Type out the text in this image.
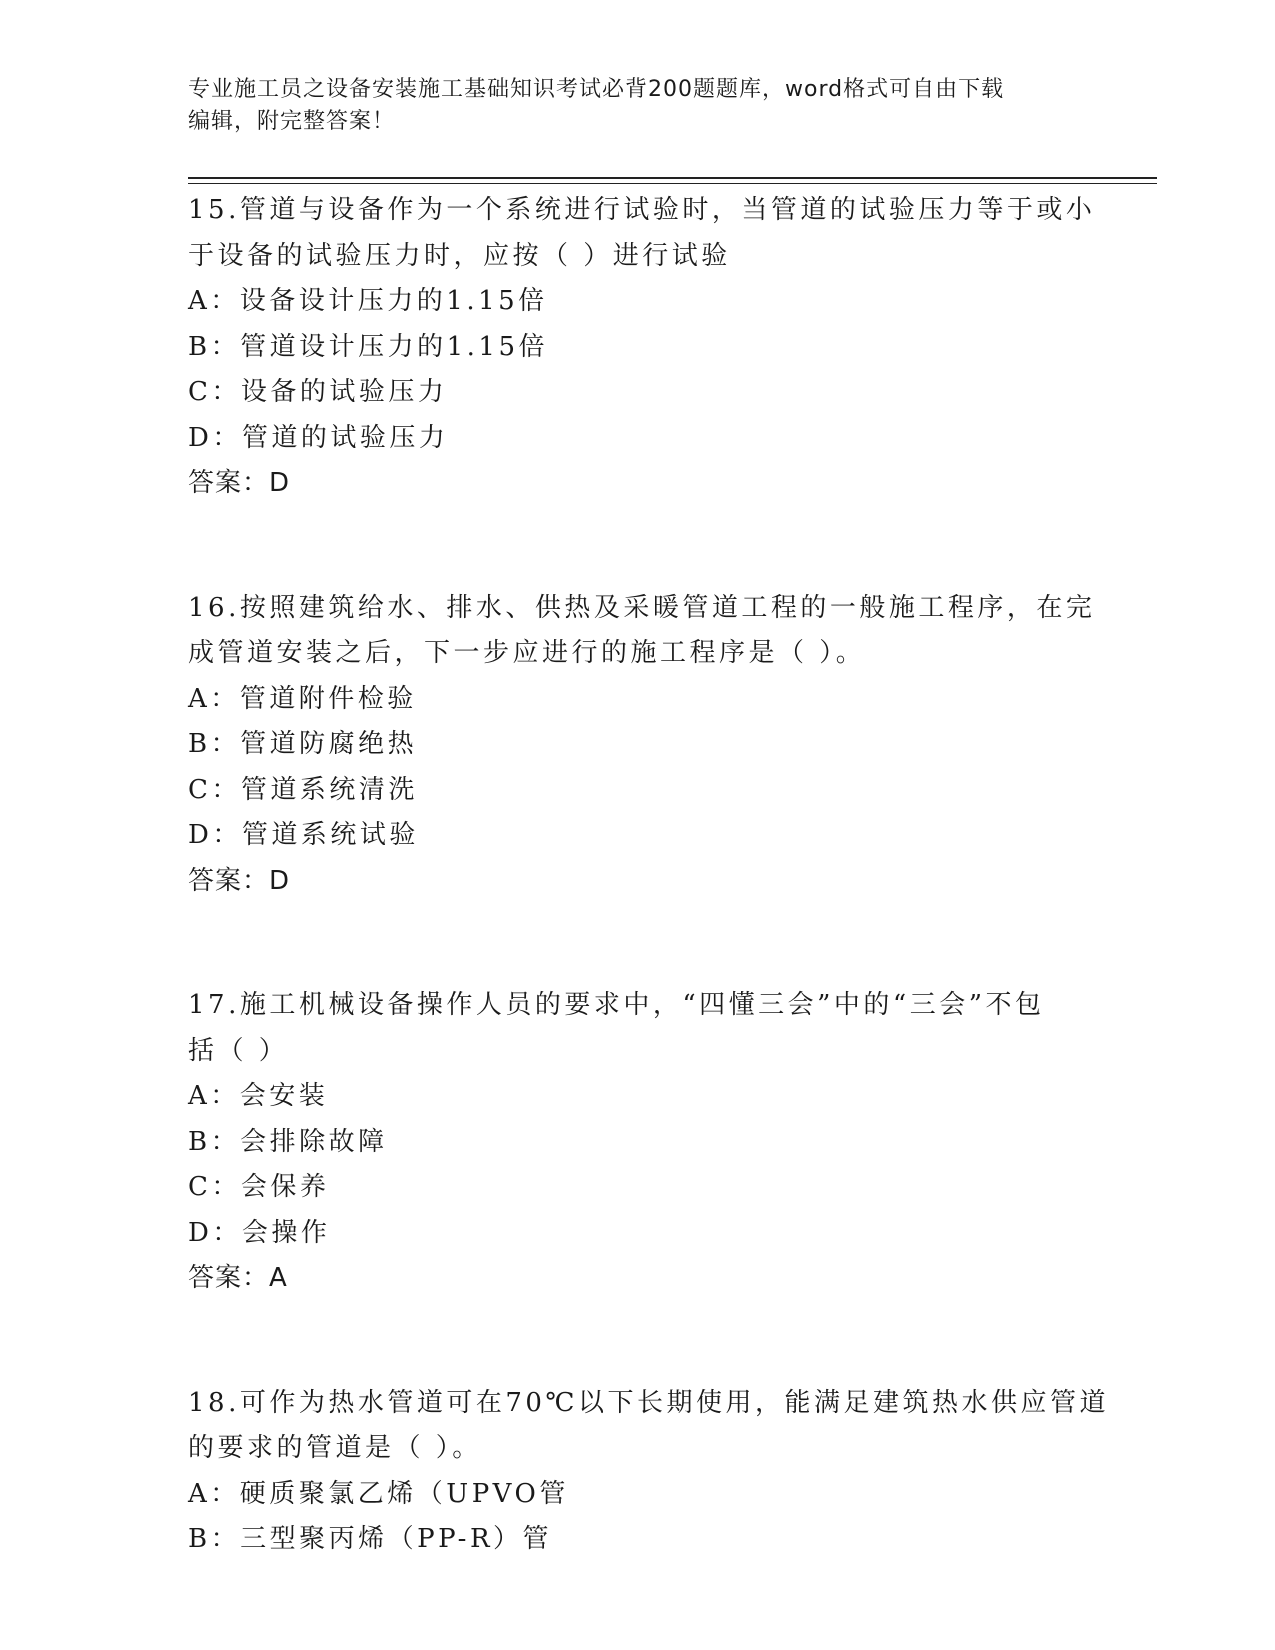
专业施工员之设备安装施工基础知识考试必背200题题库，word格式可自由下载
编辑，附完整答案！
15.管道与设备作为一个系统进行试验时，当管道的试验压力等于或小
于设备的试验压力时，应按（ ）进行试验
A：设备设计压力的1.15倍
B：管道设计压力的1.15倍
C：设备的试验压力
D：管道的试验压力
答案：D
16.按照建筑给水、排水、供热及采暖管道工程的一般施工程序，在完
成管道安装之后，下一步应进行的施工程序是（ ）。
A：管道附件检验
B：管道防腐绝热
C：管道系统清洗
D：管道系统试验
答案：D
17.施工机械设备操作人员的要求中，“四懂三会”中的“三会”不包
括（ ）
A：会安装
B：会排除故障
C：会保养
D：会操作
答案：A
18.可作为热水管道可在70℃以下长期使用，能满足建筑热水供应管道
的要求的管道是（ ）。
A：硬质聚氯乙烯（UPVO管
B：三型聚丙烯（PP-R）管
